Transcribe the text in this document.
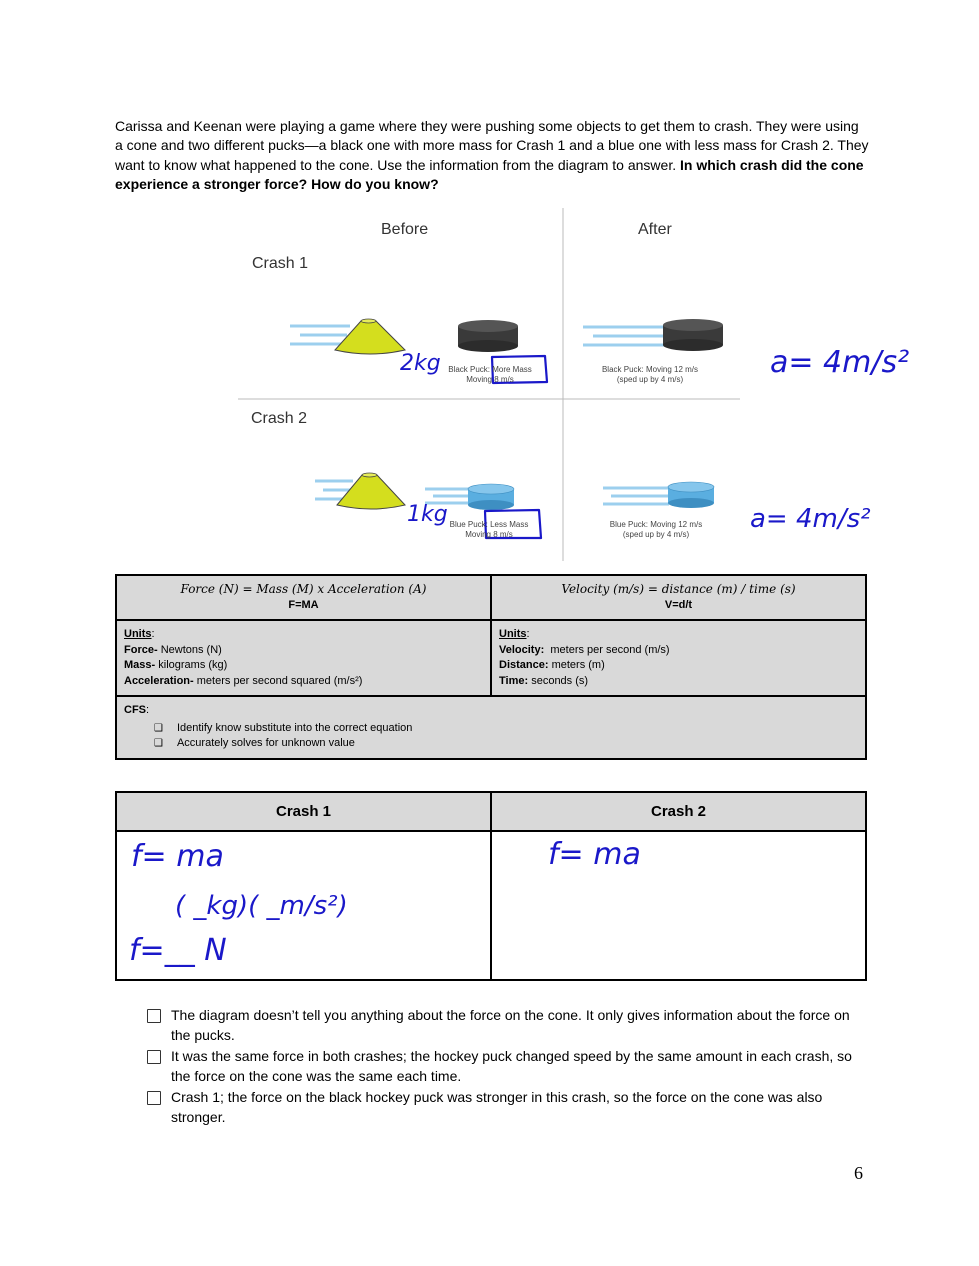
Carissa and Keenan were playing a game where they were pushing some objects to get them to crash. They were using a cone and two different pucks—a black one with more mass for Crash 1 and a blue one with less mass for Crash 2. They want to know what happened to the cone. Use the information from the diagram to answer. In which crash did the cone experience a stronger force? How do you know?
2kg
1kg
Before	After
Crash 1
Crash 2
Black Puck: More Mass
Moving 8 m/s
Black Puck: Moving 12 m/s
(sped up by 4 m/s)
Blue Puck: Less Mass
Moving 8 m/s
Blue Puck: Moving 12 m/s
(sped up by 4 m/s)
a= 4m/s²
a= 4m/s²
Force (N) = Mass (M) x Acceleration (A)
F=MA
Velocity (m/s) = distance (m) / time (s)
V=d/t
Units:
Force- Newtons (N)
Mass- kilograms (kg)
Acceleration- meters per second squared (m/s²)
Units:
Velocity: meters per second (m/s)
Distance: meters (m)
Time: seconds (s)
CFS:
❑ Identify know substitute into the correct equation
❑ Accurately solves for unknown value
Crash 1	Crash 2
f= ma
( _kg)( _m/s²)
f=__ N
f= ma
The diagram doesn’t tell you anything about the force on the cone. It only gives information about the force on the pucks.
It was the same force in both crashes; the hockey puck changed speed by the same amount in each crash, so the force on the cone was the same each time.
Crash 1; the force on the black hockey puck was stronger in this crash, so the force on the cone was also stronger.
6
